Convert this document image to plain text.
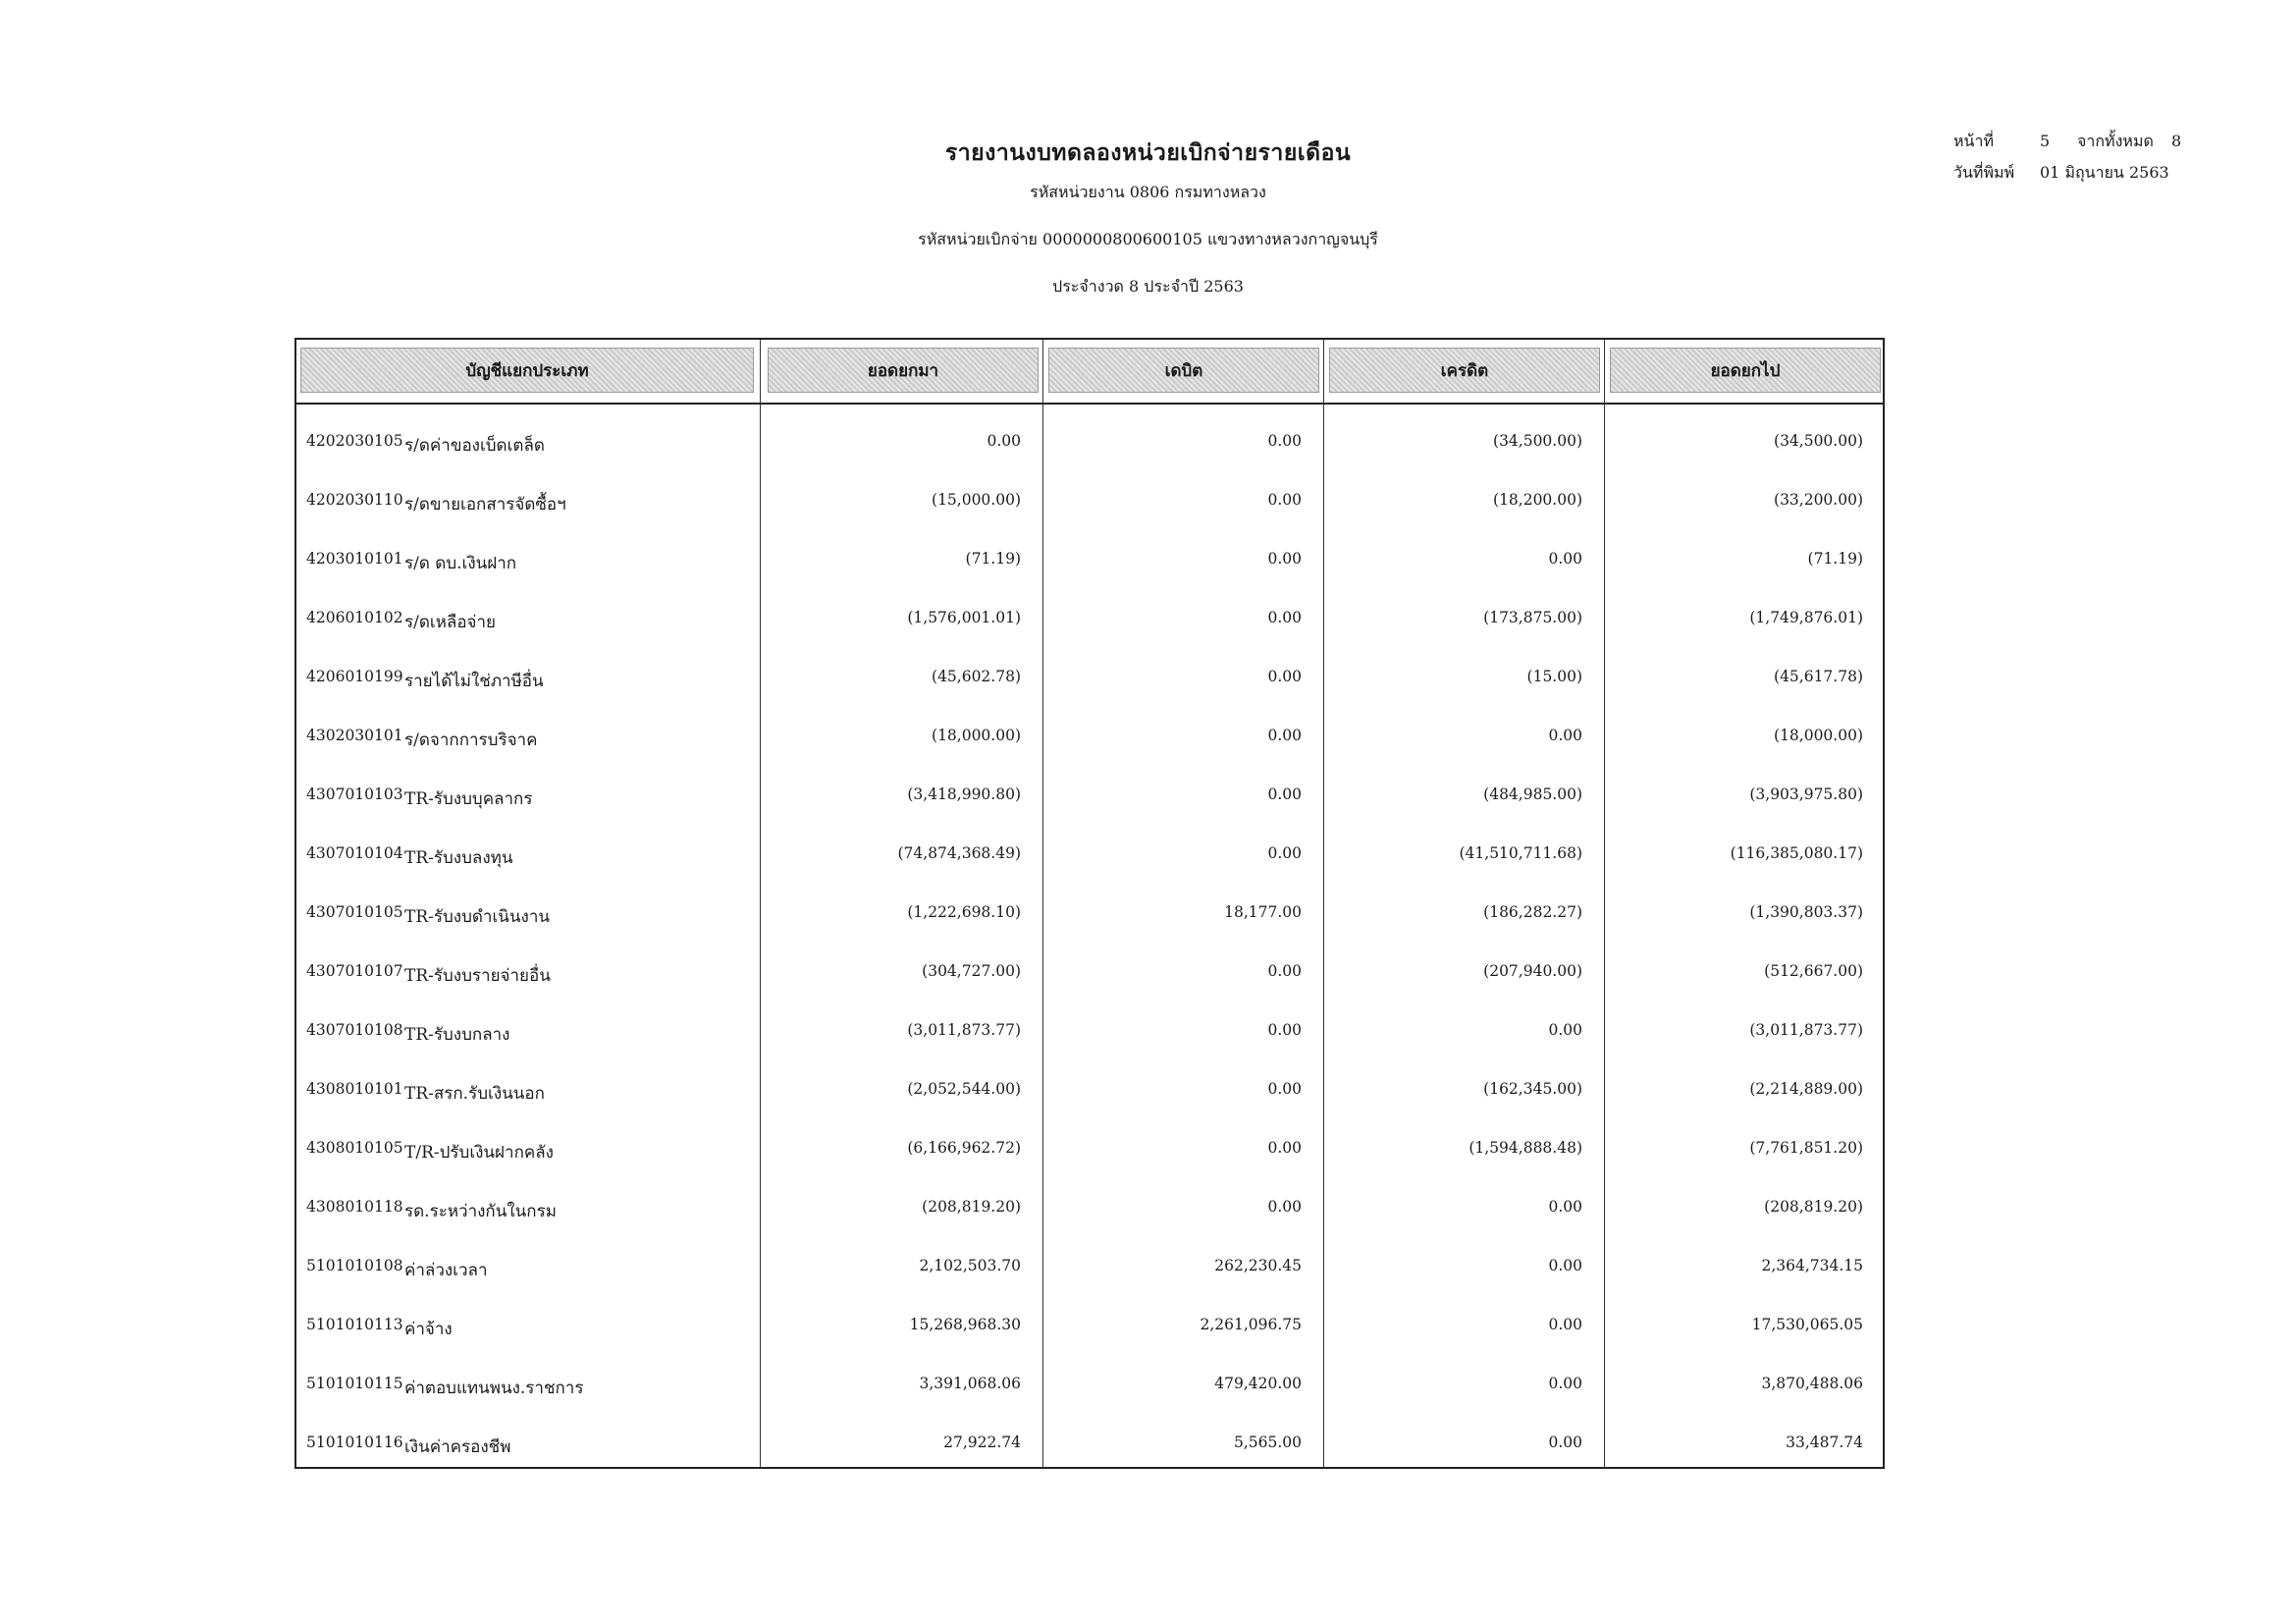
รายงานงบทดลองหน่วยเบิกจ่ายรายเดือน
รหัสหน่วยงาน 0806 กรมทางหลวง
รหัสหน่วยเบิกจ่าย 0000000800600105 แขวงทางหลวงกาญจนบุรี
ประจำงวด 8 ประจำปี 2563
หน้าที่	5 จากทั้งหมด 8
วันที่พิมพ์ 01 มิถุนายน 2563
บัญชีแยกประเภท	ยอดยกมา	เดบิต	เครดิต	ยอดยกไป
4202030105 ร/ดค่าของเบ็ดเตล็ด	0.00	0.00	(34,500.00)	(34,500.00)
4202030110 ร/ดขายเอกสารจัดซื้อฯ	(15,000.00)	0.00	(18,200.00)	(33,200.00)
4203010101 ร/ด ดบ.เงินฝาก	(71.19)	0.00	0.00	(71.19)
4206010102 ร/ดเหลือจ่าย	(1,576,001.01)	0.00	(173,875.00)	(1,749,876.01)
4206010199 รายได้ไม่ใช่ภาษีอื่น	(45,602.78)	0.00	(15.00)	(45,617.78)
4302030101 ร/ดจากการบริจาค	(18,000.00)	0.00	0.00	(18,000.00)
4307010103 TR-รับงบบุคลากร	(3,418,990.80)	0.00	(484,985.00)	(3,903,975.80)
4307010104 TR-รับงบลงทุน	(74,874,368.49)	0.00	(41,510,711.68)	(116,385,080.17)
4307010105 TR-รับงบดำเนินงาน	(1,222,698.10)	18,177.00	(186,282.27)	(1,390,803.37)
4307010107 TR-รับงบรายจ่ายอื่น	(304,727.00)	0.00	(207,940.00)	(512,667.00)
4307010108 TR-รับงบกลาง	(3,011,873.77)	0.00	0.00	(3,011,873.77)
4308010101 TR-สรก.รับเงินนอก	(2,052,544.00)	0.00	(162,345.00)	(2,214,889.00)
4308010105 T/R-ปรับเงินฝากคลัง	(6,166,962.72)	0.00	(1,594,888.48)	(7,761,851.20)
4308010118 รด.ระหว่างกันในกรม	(208,819.20)	0.00	0.00	(208,819.20)
5101010108 ค่าล่วงเวลา	2,102,503.70	262,230.45	0.00	2,364,734.15
5101010113 ค่าจ้าง	15,268,968.30	2,261,096.75	0.00	17,530,065.05
5101010115 ค่าตอบแทนพนง.ราชการ	3,391,068.06	479,420.00	0.00	3,870,488.06
5101010116 เงินค่าครองชีพ	27,922.74	5,565.00	0.00	33,487.74
